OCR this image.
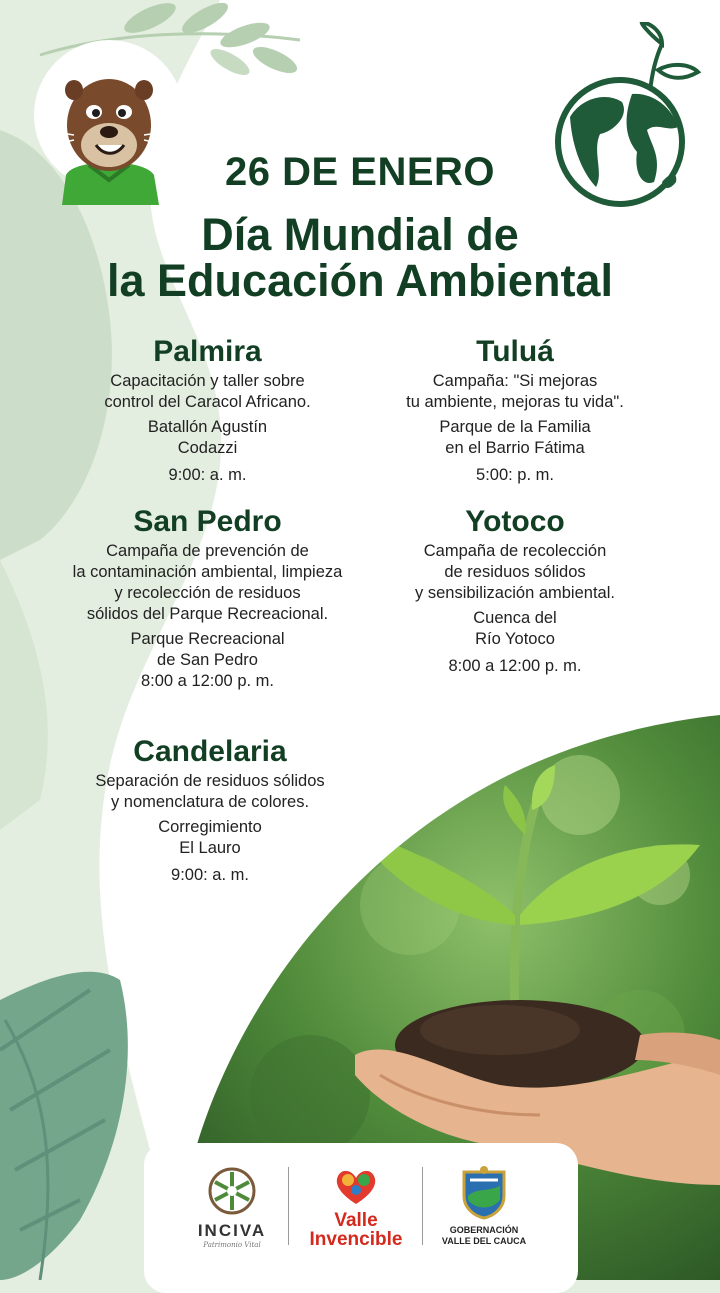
26 DE ENERO
Día Mundial de
la Educación Ambiental
Palmira

Capacitación y taller sobre

control del Caracol Africano.

Batallón Agustín

Codazzi

9:00: a. m.

Tuluá

Campaña: "Si mejoras

tu ambiente, mejoras tu vida".

Parque de la Familia

en el Barrio Fátima

5:00: p. m.

San Pedro

Campaña de prevención de

la contaminación ambiental, limpieza

y recolección de residuos

sólidos del Parque Recreacional.

Parque Recreacional

de San Pedro

8:00 a 12:00 p. m.

Yotoco

Campaña de recolección

de residuos sólidos

y sensibilización ambiental.

Cuenca del

Río Yotoco

8:00 a 12:00 p. m.

Candelaria

Separación de residuos sólidos

y nomenclatura de colores.

Corregimiento

El Lauro

9:00: a. m.

INCIVA
Patrimonio Vital
Valle
Invencible	GOBERNACIÓN
VALLE DEL CAUCA
